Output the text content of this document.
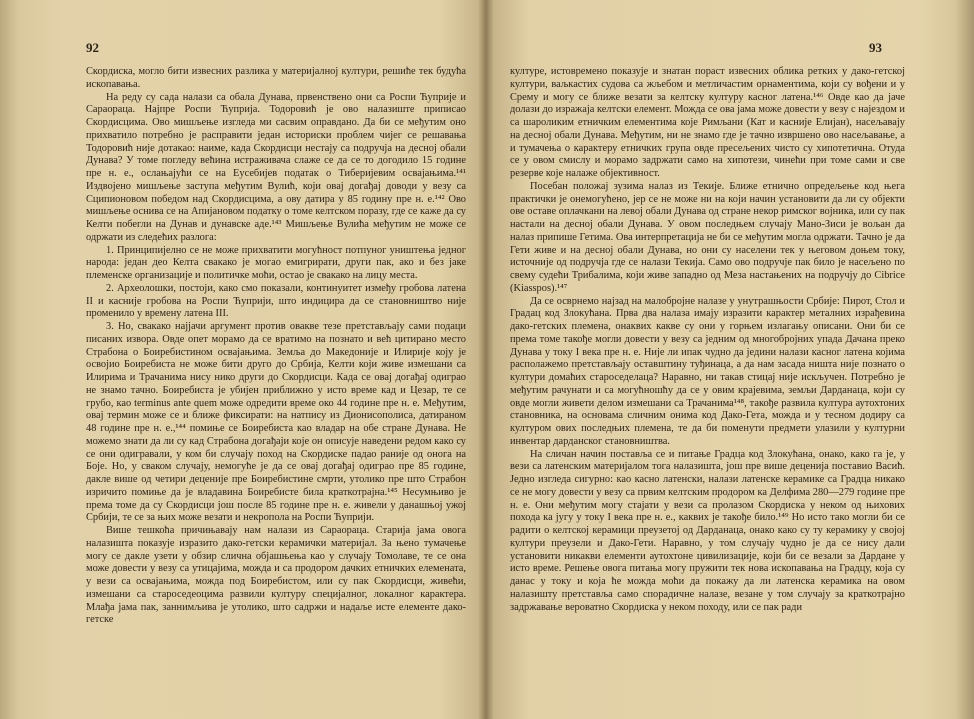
92

Скордиска, могло бити извесних разлика у материјалној култури, решиће тек будућа ископавања.

На реду су сада налази са обала Дунава, првенствено они са Роспи Ћуприје и Сараораца. Најпре Роспи Ћуприја. Тодоровић је ово налазиште приписао Скордисцима. Ово мишљење изгледа ми сасвим оправдано. Да би се међутим оно прихватило потребно је расправити један историски проблем чијег се решавања Тодоровић није дотакао: наиме, када Скордисци нестају са подручја на десној обали Дунава? У томе погледу већина истраживача слаже се да се то догодило 15 године пре н. е., ослањајући се на Еусебијев податак о Тиберијевим освајањима.¹⁴¹ Издвојено мишљење заступа међутим Вулић, који овај догађај доводи у везу са Сципионовом победом над Скордисцима, а ову датира у 85 годину пре н. е.¹⁴² Ово мишљење оснива се на Апијановом податку о томе келтском поразу, где се каже да су Келти побегли на Дунав и дунавске аде.¹⁴³ Мишљење Вулића међутим не може се одржати из следећих разлога:

1. Принципијелно се не може прихватити могућност потпуног уништења једног народа: један део Келта свакако је могао емигрирати, други пак, ако и без јаке племенске организације и политичке моћи, остао је свакако на лицу места.

2. Археолошки, постоји, како смо показали, континуитет између гробова латена II и касније гробова на Роспи Ћуприји, што индицира да се становништво није променило у времену латена III.

3. Но, свакако најјачи аргумент против овакве тезе претстављају сами подаци писаних извора. Овде опет морамо да се вратимо на познато и већ цитирано место Страбона о Боиребистином освајањима. Земља до Македоније и Илирије коју је освојио Боиребиста не може бити друго до Србија, Келти који живе измешани са Илирима и Трачанима нису нико други до Скордисци. Када се овај догађај одиграо не знамо тачно. Боиребиста је убијен приближно у исто време кад и Цезар, те се грубо, као terminus ante quem може одредити време око 44 године пре н. е. Међутим, овај термин може се и ближе фиксирати: на натпису из Дионисополиса, датираном 48 године пре н. е.,¹⁴⁴ помиње се Боиребиста као владар на обе стране Дунава. Не можемо знати да ли су кад Страбона догађаји које он описује наведени редом како су се они одигравали, у ком би случају поход на Скордиске падао раније од онога на Боје. Но, у сваком случају, немогуће је да се овај догађај одиграо пре 85 године, дакле више од четири деценије пре Боиребистине смрти, утолико пре што Страбон изричито помиње да је владавина Боиребисте била краткотрајна.¹⁴⁵ Несумњиво је према томе да су Скордисци још после 85 године пре н. е. живели у данашњој ужој Србији, те се за њих може везати и некропола на Роспи Ћуприји.

Више тешкоћа причињавају нам налази из Сараораца. Старија јама овога налазишта показује изразито дако-гетски керамички материјал. За њено тумачење могу се дакле узети у обзир слична објашњења као у случају Томолаве, те се она може довести у везу са утицајима, можда и са продором дачких етничких елемената, у вези са освајањима, можда под Боиребистом, или су пак Скордисци, живећи, измешани са староседеоцима развили културу специјалног, локалног карактера. Млађа јама пак, заннимљива је утолико, што садржи и надаље исте елементе дако-гетске

93

културе, истовремено показује и знатан пораст извесних облика ретких у дако-гетској култури, ваљкастих судова са жљебом и метличастим орнаментима, који су вођени и у Срему и могу се ближе везати за келтску културу касног латена.¹⁴⁶ Овде као да јаче долази до изражаја келтски елемент. Можда се ова јама може довести у везу с најездом и са шароликим етничким елементима које Римљани (Кат и касније Елијан), насељавају на десној обали Дунава. Међутим, ни не знамо где је тачно извршено ово насељавање, а и тумачења о карактеру етничких група овде пресељених чисто су хипотетична. Отуда се у овом смислу и морамо задржати само на хипотези, чинећи при томе сами и све резерве које налаже објективност.

Посебан положај зузима налаз из Текије. Ближе етнично опредељење код њега практички је онемогућено, јер се не може ни на који начин установити да ли су објекти ове оставе оплачкани на левој обали Дунава од стране некор римског војника, или су пак настали на десној обали Дунава. У овом последњем случају Мано-Зиси је вољан да налаз припише Гетима. Ова интерпретација не би се међутим могла одржати. Тачно је да Гети живе и на десној обали Дунава, но они су населени тек у његовом доњем току, источније од подручја где се налази Текија. Само ово подручје пак било је насељено по свему судећи Трибалима, који живе западно од Меза настањених на подручју до Cibrice (Kiasspos).¹⁴⁷

Да се осврнемо најзад на малобројне налазе у унутрашњости Србије: Пирот, Стол и Градац код Злокућана. Прва два налаза имају изразити карактер металних израђевина дако-гетских племена, онаквих какве су они у горњем излагању описани. Они би се према томе такође могли довести у везу са једним од многобројних упада Дачана преко Дунава у току I века пре н. е. Није ли ипак чудно да једини налази касног латена којима располажемо претстављају оставштину туђинаца, а да нам засада ништа није познато о култури домаћих староседелаца? Наравно, ни такав стицај није искључен. Потребно је међутим рачунати и са могућношћу да се у овим крајевима, земљи Дарданаца, који су овде могли живети делом измешани са Трачанима¹⁴⁸, такође развила култура аутохтоних становника, на основама сличним онима код Дако-Гета, можда и у тесном додиру са културом ових последњих племена, те да би поменути предмети улазили у културни инвентар дарданског становништва.

На сличан начин поставља се и питање Градца код Злокућана, онако, како га је, у вези са латенским материјалом тога налазишта, још пре више деценија поставио Васић. Једно изгледа сигурно: као касно латенски, налази латенске керамике са Градца никако се не могу довести у везу са првим келтским продором ка Делфима 280—279 године пре н. е. Они међутим могу стајати у вези са пролазом Скордиска у неком од њихових похода ка југу у току I века пре н. е., каквих је такође било.¹⁴⁹ Но исто тако могли би се радити о келтској керамици преузетој од Дарданаца, онако како су ту керамику у својој култури преузели и Дако-Гети. Наравно, у том случају чудно је да се нису дали установити никакви елементи аутохтоне цивилизације, који би се везали за Дардане у исто време. Решење овога питања могу пружити тек нова ископавања на Градцу, која су данас у току и која ће можда моћи да покажу да ли латенска керамика на овом налазишту претставља само спорадичне налазе, везане у том случају за краткотрајно задржавање вероватно Скордиска у неком походу, или се пак ради
